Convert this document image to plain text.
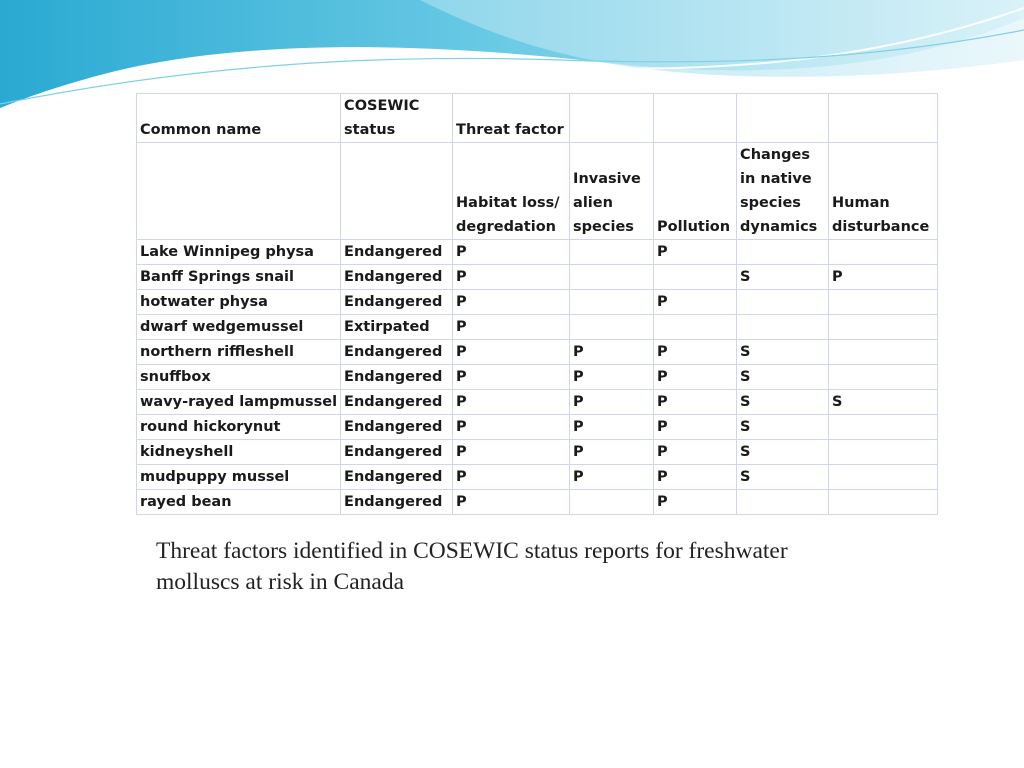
Common name	COSEWIC status	Threat factor				
		Habitat loss/ degredation	Invasive alien species	Pollution	Changes in native species dynamics	Human disturbance
Lake Winnipeg physa	Endangered	P		P		
Banff Springs snail	Endangered	P			S	P
hotwater physa	Endangered	P		P		
dwarf wedgemussel	Extirpated	P				
northern riffleshell	Endangered	P	P	P	S	
snuffbox	Endangered	P	P	P	S	
wavy-rayed lampmussel	Endangered	P	P	P	S	S
round hickorynut	Endangered	P	P	P	S	
kidneyshell	Endangered	P	P	P	S	
mudpuppy mussel	Endangered	P	P	P	S	
rayed bean	Endangered	P		P		
Threat factors identified in COSEWIC status reports for freshwater molluscs at risk in Canada
